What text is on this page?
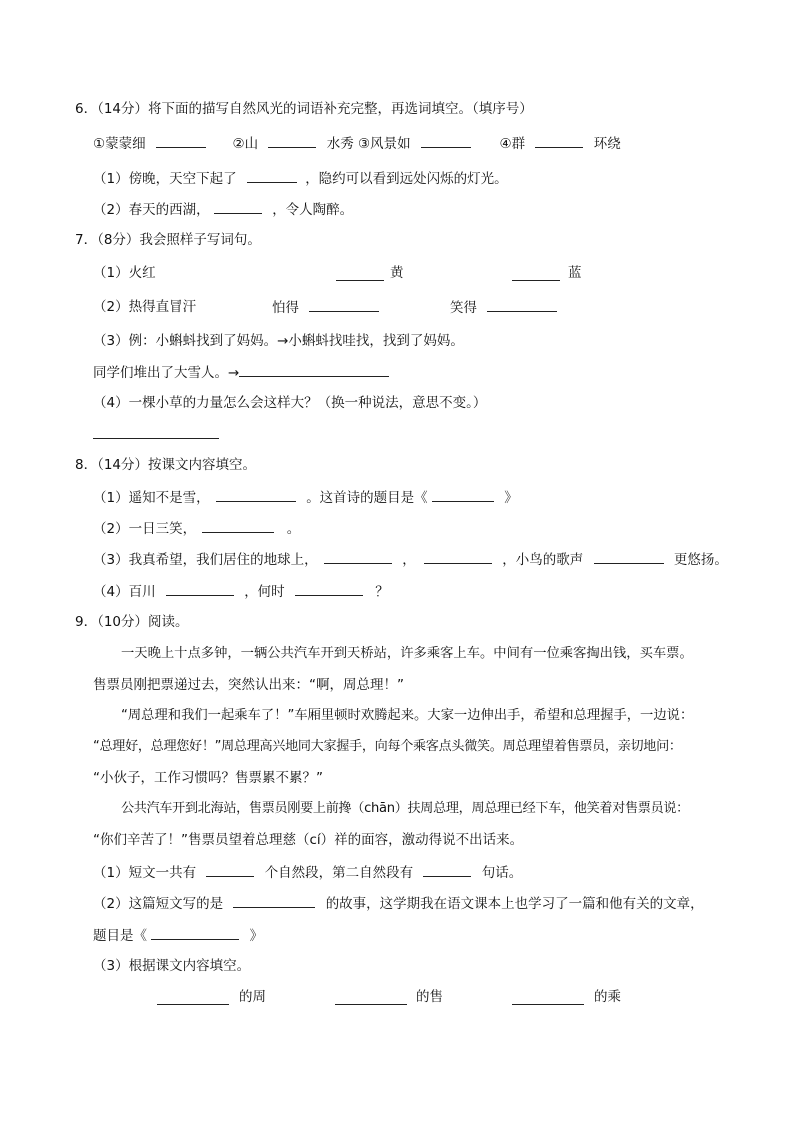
6．（14分）将下面的描写自然风光的词语补充完整，再选词填空。（填序号）
①蒙蒙细	②山	水秀 ③风景如	④群	环绕
（1）傍晚，天空下起了	，隐约可以看到远处闪烁的灯光。
（2）春天的西湖，	，令人陶醉。
7．（8分）我会照样子写词句。
（1）火红	黄	蓝
（2）热得直冒汗	怕得	笑得
（3）例：小蝌蚪找到了妈妈。→小蝌蚪找哇找，找到了妈妈。
同学们堆出了大雪人。→
（4）一棵小草的力量怎么会这样大？（换一种说法，意思不变。）
8．（14分）按课文内容填空。
（1）遥知不是雪，	。这首诗的题目是《	》
（2）一日三笑，	。
（3）我真希望，我们居住的地球上，	，	，小鸟的歌声	更悠扬。
（4）百川	，何时	？
9．（10分）阅读。
一天晚上十点多钟，一辆公共汽车开到天桥站，许多乘客上车。中间有一位乘客掏出钱，买车票。
售票员刚把票递过去，突然认出来：“啊，周总理！”
“周总理和我们一起乘车了！”车厢里顿时欢腾起来。大家一边伸出手，希望和总理握手，一边说：
“总理好，总理您好！”周总理高兴地同大家握手，向每个乘客点头微笑。周总理望着售票员，亲切地问：
“小伙子，工作习惯吗？售票累不累？”
公共汽车开到北海站，售票员刚要上前搀（chān）扶周总理，周总理已经下车，他笑着对售票员说：
“你们辛苦了！”售票员望着总理慈（cí）祥的面容，激动得说不出话来。
（1）短文一共有	个自然段，第二自然段有	句话。
（2）这篇短文写的是	的故事，这学期我在语文课本上也学习了一篇和他有关的文章，
题目是《	》
（3）根据课文内容填空。
的周	的售	的乘
